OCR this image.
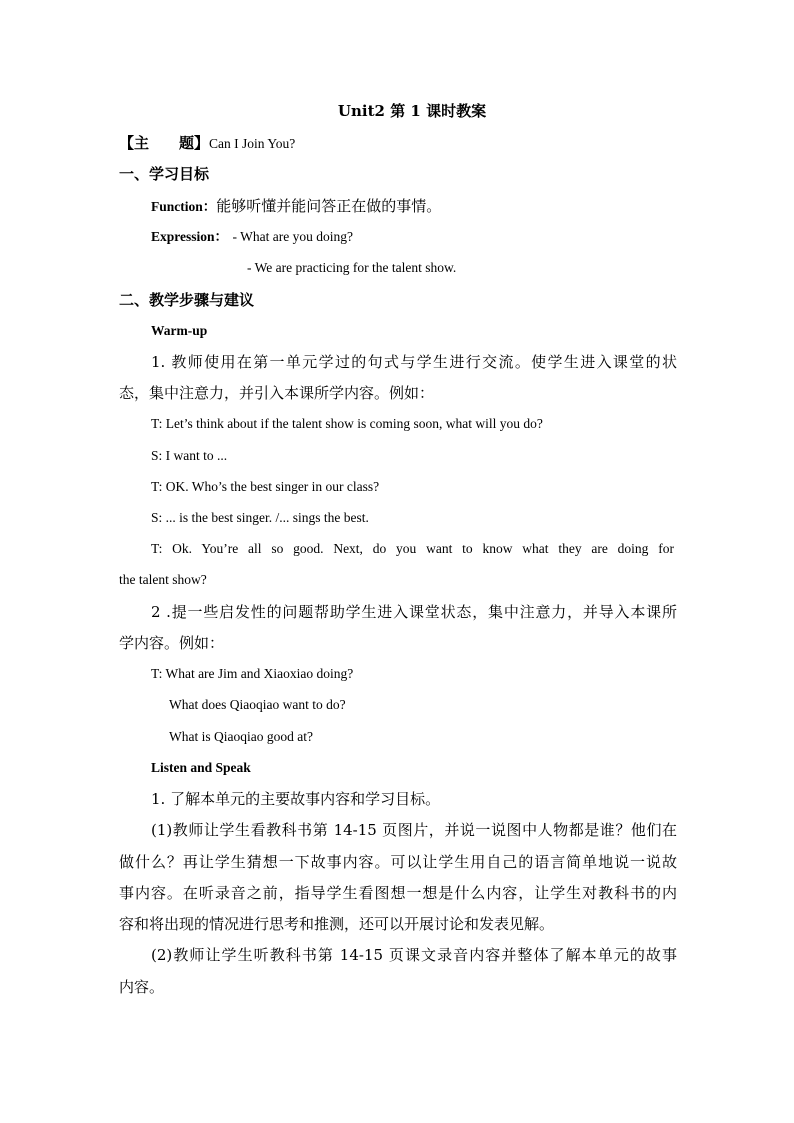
Unit2 第 1 课时教案
【主　　题】Can I Join You?
一、学习目标
Function：能够听懂并能问答正在做的事情。
Expression： - What are you doing?
- We are practicing for the talent show.
二、教学步骤与建议
Warm-up
1. 教师使用在第一单元学过的句式与学生进行交流。使学生进入课堂的状
态，集中注意力，并引入本课所学内容。例如：
T: Let’s think about if the talent show is coming soon, what will you do?
S: I want to ...
T: OK. Who’s the best singer in our class?
S: ... is the best singer. /... sings the best.
T: Ok. You’re all so good. Next, do you want to know what they are doing for
the talent show?
2 .提一些启发性的问题帮助学生进入课堂状态，集中注意力，并导入本课所
学内容。例如：
T: What are Jim and Xiaoxiao doing?
What does Qiaoqiao want to do?
What is Qiaoqiao good at?
Listen and Speak
1. 了解本单元的主要故事内容和学习目标。
(1)教师让学生看教科书第 14-15 页图片，并说一说图中人物都是谁？他们在
做什么？再让学生猜想一下故事内容。可以让学生用自己的语言简单地说一说故
事内容。在听录音之前，指导学生看图想一想是什么内容，让学生对教科书的内
容和将出现的情况进行思考和推测，还可以开展讨论和发表见解。
(2)教师让学生听教科书第 14-15 页课文录音内容并整体了解本单元的故事
内容。
